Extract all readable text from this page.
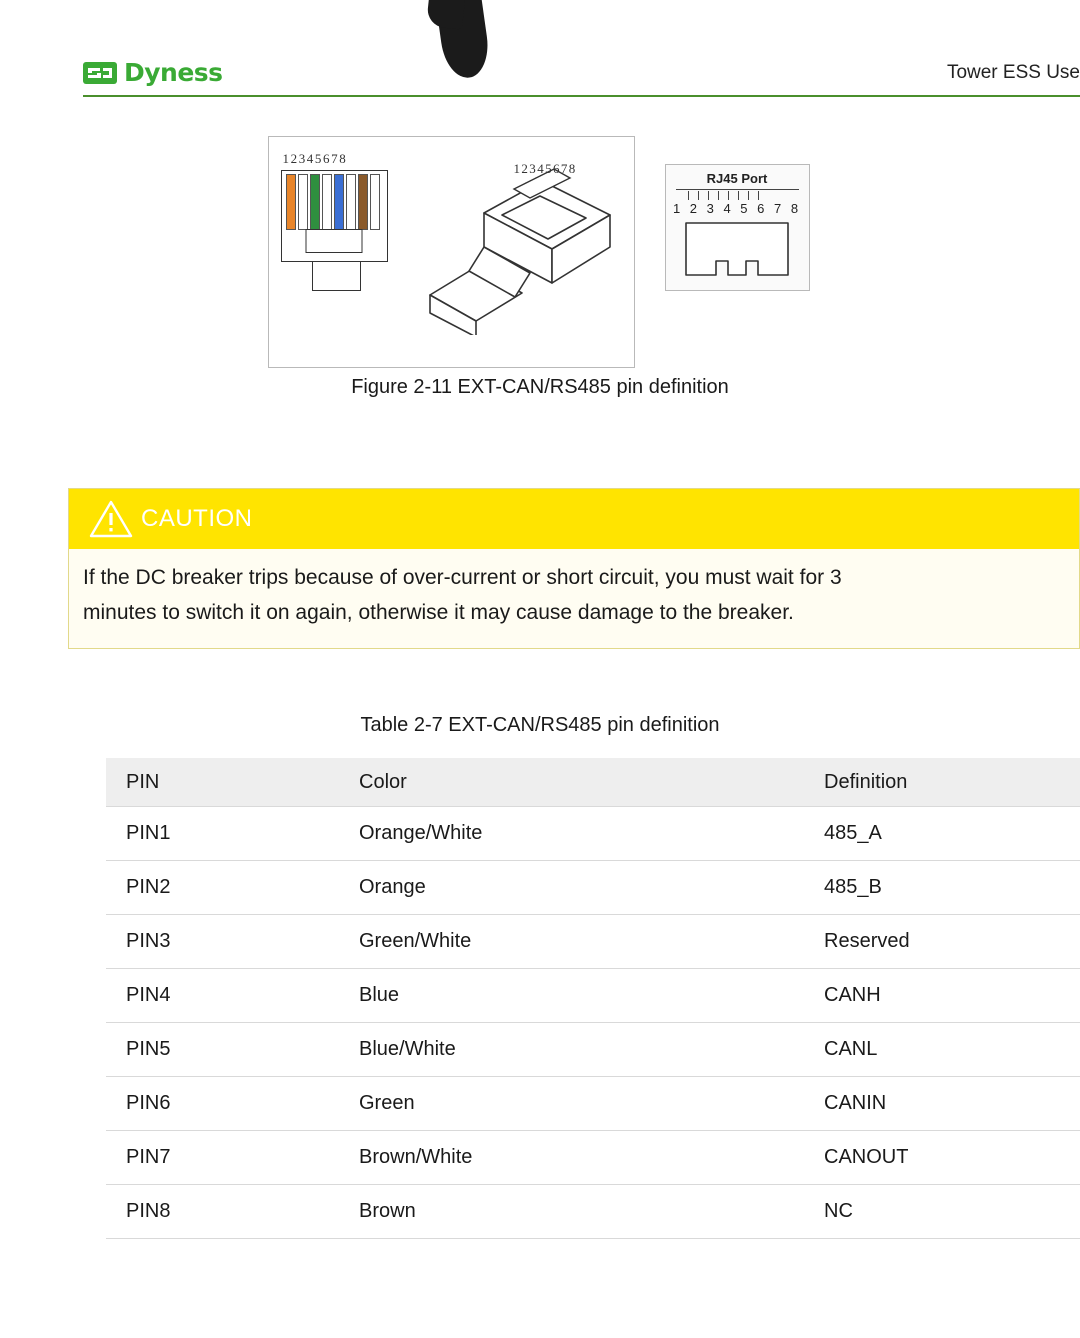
Dyness	Tower ESS Use
12345678
12345678
RJ45 Port
1 2 3 4 5 6 7 8
Figure 2-11 EXT-CAN/RS485 pin definition
CAUTION
If the DC breaker trips because of over-current or short circuit, you must wait for 3
minutes to switch it on again, otherwise it may cause damage to the breaker.
Table 2-7 EXT-CAN/RS485 pin definition
PIN	Color	Definition
PIN1	Orange/White	485_A
PIN2	Orange	485_B
PIN3	Green/White	Reserved
PIN4	Blue	CANH
PIN5	Blue/White	CANL
PIN6	Green	CANIN
PIN7	Brown/White	CANOUT
PIN8	Brown	NC
